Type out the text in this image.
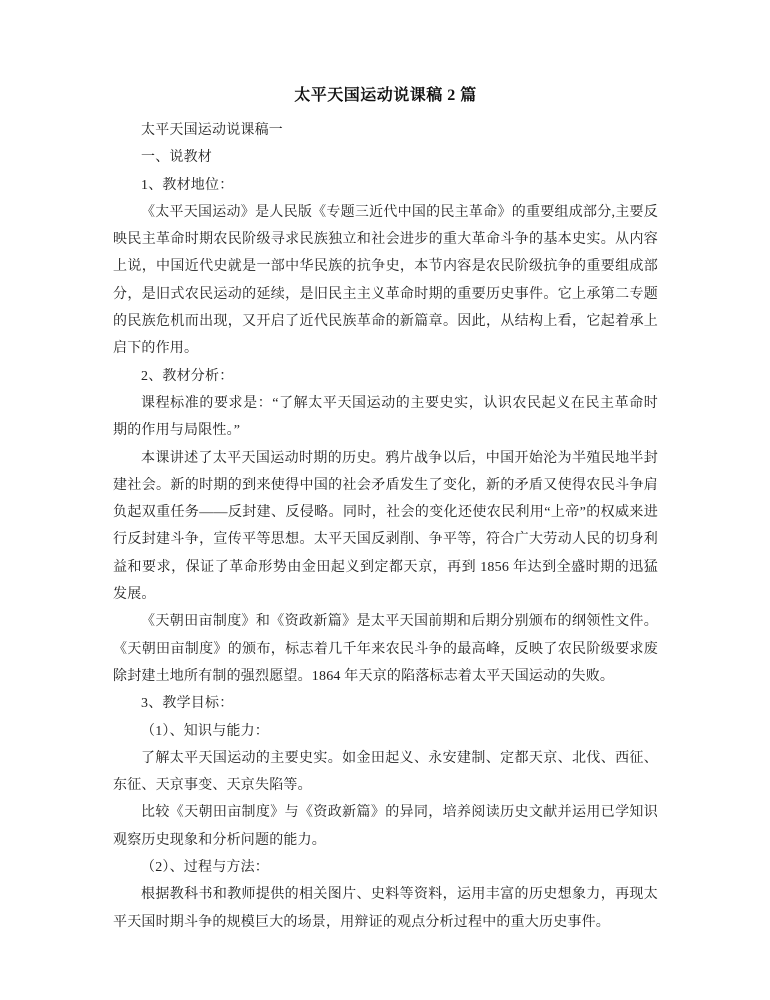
太平天国运动说课稿 2 篇

太平天国运动说课稿一

一、说教材

1、教材地位：

《太平天国运动》是人民版《专题三近代中国的民主革命》的重要组成部分,主要反映民主革命时期农民阶级寻求民族独立和社会进步的重大革命斗争的基本史实。从内容上说，中国近代史就是一部中华民族的抗争史，本节内容是农民阶级抗争的重要组成部分，是旧式农民运动的延续，是旧民主主义革命时期的重要历史事件。它上承第二专题的民族危机而出现，又开启了近代民族革命的新篇章。因此，从结构上看，它起着承上启下的作用。

2、教材分析：

课程标准的要求是：“了解太平天国运动的主要史实，认识农民起义在民主革命时期的作用与局限性。”

本课讲述了太平天国运动时期的历史。鸦片战争以后，中国开始沦为半殖民地半封建社会。新的时期的到来使得中国的社会矛盾发生了变化，新的矛盾又使得农民斗争肩负起双重任务——反封建、反侵略。同时，社会的变化还使农民利用“上帝”的权威来进行反封建斗争，宣传平等思想。太平天国反剥削、争平等，符合广大劳动人民的切身利益和要求，保证了革命形势由金田起义到定都天京，再到 1856 年达到全盛时期的迅猛发展。

《天朝田亩制度》和《资政新篇》是太平天国前期和后期分别颁布的纲领性文件。《天朝田亩制度》的颁布，标志着几千年来农民斗争的最高峰，反映了农民阶级要求废除封建土地所有制的强烈愿望。1864 年天京的陷落标志着太平天国运动的失败。

3、教学目标：

（1）、知识与能力：

了解太平天国运动的主要史实。如金田起义、永安建制、定都天京、北伐、西征、东征、天京事变、天京失陷等。

比较《天朝田亩制度》与《资政新篇》的异同，培养阅读历史文献并运用已学知识观察历史现象和分析问题的能力。

（2）、过程与方法：

根据教科书和教师提供的相关图片、史料等资料，运用丰富的历史想象力，再现太平天国时期斗争的规模巨大的场景，用辩证的观点分析过程中的重大历史事件。
